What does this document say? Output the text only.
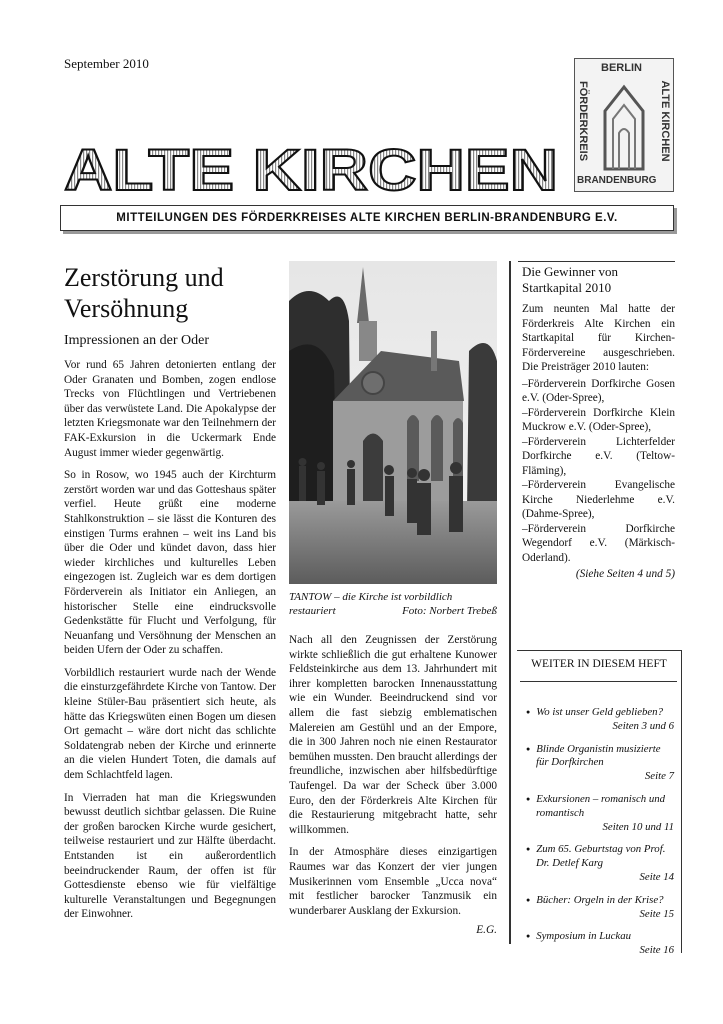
September 2010
ALTE KIRCHEN
BERLIN
FÖRDERKREIS	ALTE KIRCHEN
BRANDENBURG
MITTEILUNGEN DES FÖRDERKREISES ALTE KIRCHEN BERLIN-BRANDENBURG E.V.
Zerstörung und Versöhnung
Impressionen an der Oder

Vor rund 65 Jahren detonierten entlang der Oder Granaten und Bomben, zogen endlose Trecks von Flüchtlingen und Vertriebenen über das verwüstete Land. Die Apokalypse der letzten Kriegsmonate war den Teilnehmern der FAK-Exkursion in die Uckermark Ende August immer wieder gegenwärtig.

So in Rosow, wo 1945 auch der Kirchturm zerstört worden war und das Gotteshaus später verfiel. Heute grüßt eine moderne Stahlkonstruktion – sie lässt die Konturen des einstigen Turms erahnen – weit ins Land bis über die Oder und kündet davon, dass hier wieder kirchliches und kulturelles Leben eingezogen ist. Zugleich war es dem dortigen Förderverein als Initiator ein Anliegen, an historischer Stelle eine eindrucksvolle Gedenkstätte für Flucht und Verfolgung, für Neuanfang und Versöhnung der Menschen an beiden Ufern der Oder zu schaffen.

Vorbildlich restauriert wurde nach der Wende die einsturzgefährdete Kirche von Tantow. Der kleine Stüler-Bau präsentiert sich heute, als hätte das Kriegswüten einen Bogen um diesen Ort gemacht – wäre dort nicht das schlichte Soldatengrab neben der Kirche und erinnerte an die vielen Hundert Toten, die damals auf dem Schlachtfeld lagen.

In Vierraden hat man die Kriegswunden bewusst deutlich sichtbar gelassen. Die Ruine der großen barocken Kirche wurde gesichert, teilweise restauriert und zur Hälfte überdacht. Entstanden ist ein außerordentlich beeindruckender Raum, der offen ist für Gottesdienste ebenso wie für vielfältige kulturelle Veranstaltungen und Begegnungen der Einwohner.

TANTOW – die Kirche ist vorbildlich
restauriert	Foto: Norbert Trebeß

Nach all den Zeugnissen der Zerstörung wirkte schließlich die gut erhaltene Kunower Feldsteinkirche aus dem 13. Jahrhundert mit ihrer kompletten barocken Innenausstattung wie ein Wunder. Beeindruckend sind vor allem die fast siebzig emblematischen Malereien am Gestühl und an der Empore, die in 300 Jahren noch nie einen Restaurator bemühen mussten. Den braucht allerdings der freundliche, inzwischen aber hilfsbedürftige Taufengel. Da war der Scheck über 3.000 Euro, den der Förderkreis Alte Kirchen für die Restaurierung mitgebracht hatte, sehr willkommen.

In der Atmosphäre dieses einzigartigen Raumes war das Konzert der vier jungen Musikerinnen vom Ensemble „Ucca nova“ mit festlicher barocker Tanzmusik ein wunderbarer Ausklang der Exkursion.

E.G.
Die Gewinner von Startkapital 2010
Zum neunten Mal hatte der Förderkreis Alte Kirchen ein Startkapital für Kirchen-Fördervereine ausgeschrieben. Die Preisträger 2010 lauten:
–Förderverein Dorfkirche Gosen e.V. (Oder-Spree),
–Förderverein Dorfkirche Klein Muckrow e.V. (Oder-Spree),
–Förderverein Lichterfelder Dorfkirche e.V. (Teltow-Fläming),
–Förderverein Evangelische Kirche Niederlehme e.V. (Dahme-Spree),
–Förderverein Dorfkirche Wegendorf e.V. (Märkisch-Oderland).
(Siehe Seiten 4 und 5)
WEITER IN DIESEM HEFT
● Wo ist unser Geld geblieben?
Seiten 3 und 6
● Blinde Organistin musizierte für Dorfkirchen
Seite 7
● Exkursionen – romanisch und romantisch
Seiten 10 und 11
● Zum 65. Geburtstag von Prof. Dr. Detlef Karg
Seite 14
● Bücher: Orgeln in der Krise?
Seite 15
● Symposium in Luckau
Seite 16
